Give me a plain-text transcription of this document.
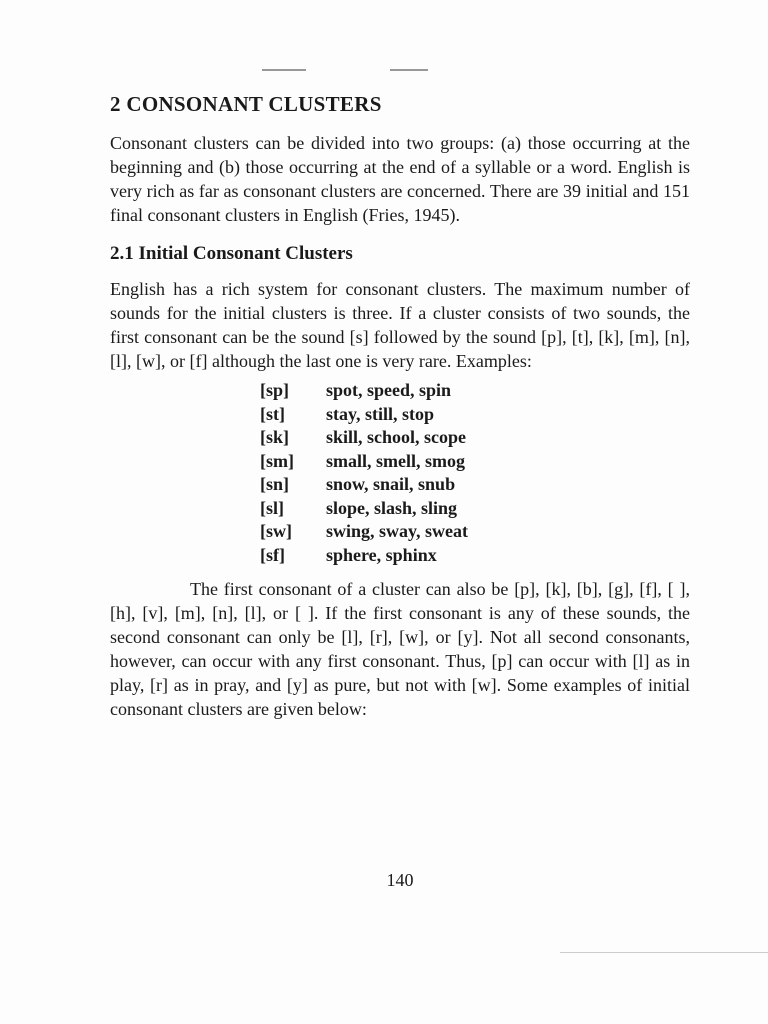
2 CONSONANT CLUSTERS

Consonant clusters can be divided into two groups: (a) those occurring at the beginning and (b) those occurring at the end of a syllable or a word. English is very rich as far as consonant clusters are concerned. There are 39 initial and 151 final consonant clusters in English (Fries, 1945).

2.1 Initial Consonant Clusters

English has a rich system for consonant clusters. The maximum number of sounds for the initial clusters is three. If a cluster consists of two sounds, the first consonant can be the sound [s] followed by the sound [p], [t], [k], [m], [n], [l], [w], or [f] although the last one is very rare. Examples:

[sp]	spot, speed, spin
[st]	stay, still, stop
[sk]	skill, school, scope
[sm]	small, smell, smog
[sn]	snow, snail, snub
[sl]	slope, slash, sling
[sw]	swing, sway, sweat
[sf]	sphere, sphinx

The first consonant of a cluster can also be [p], [k], [b], [g], [f], [ ], [h], [v], [m], [n], [l], or [ ]. If the first consonant is any of these sounds, the second consonant can only be [l], [r], [w], or [y]. Not all second consonants, however, can occur with any first consonant. Thus, [p] can occur with [l] as in play, [r] as in pray, and [y] as pure, but not with [w]. Some examples of initial consonant clusters are given below:

140
